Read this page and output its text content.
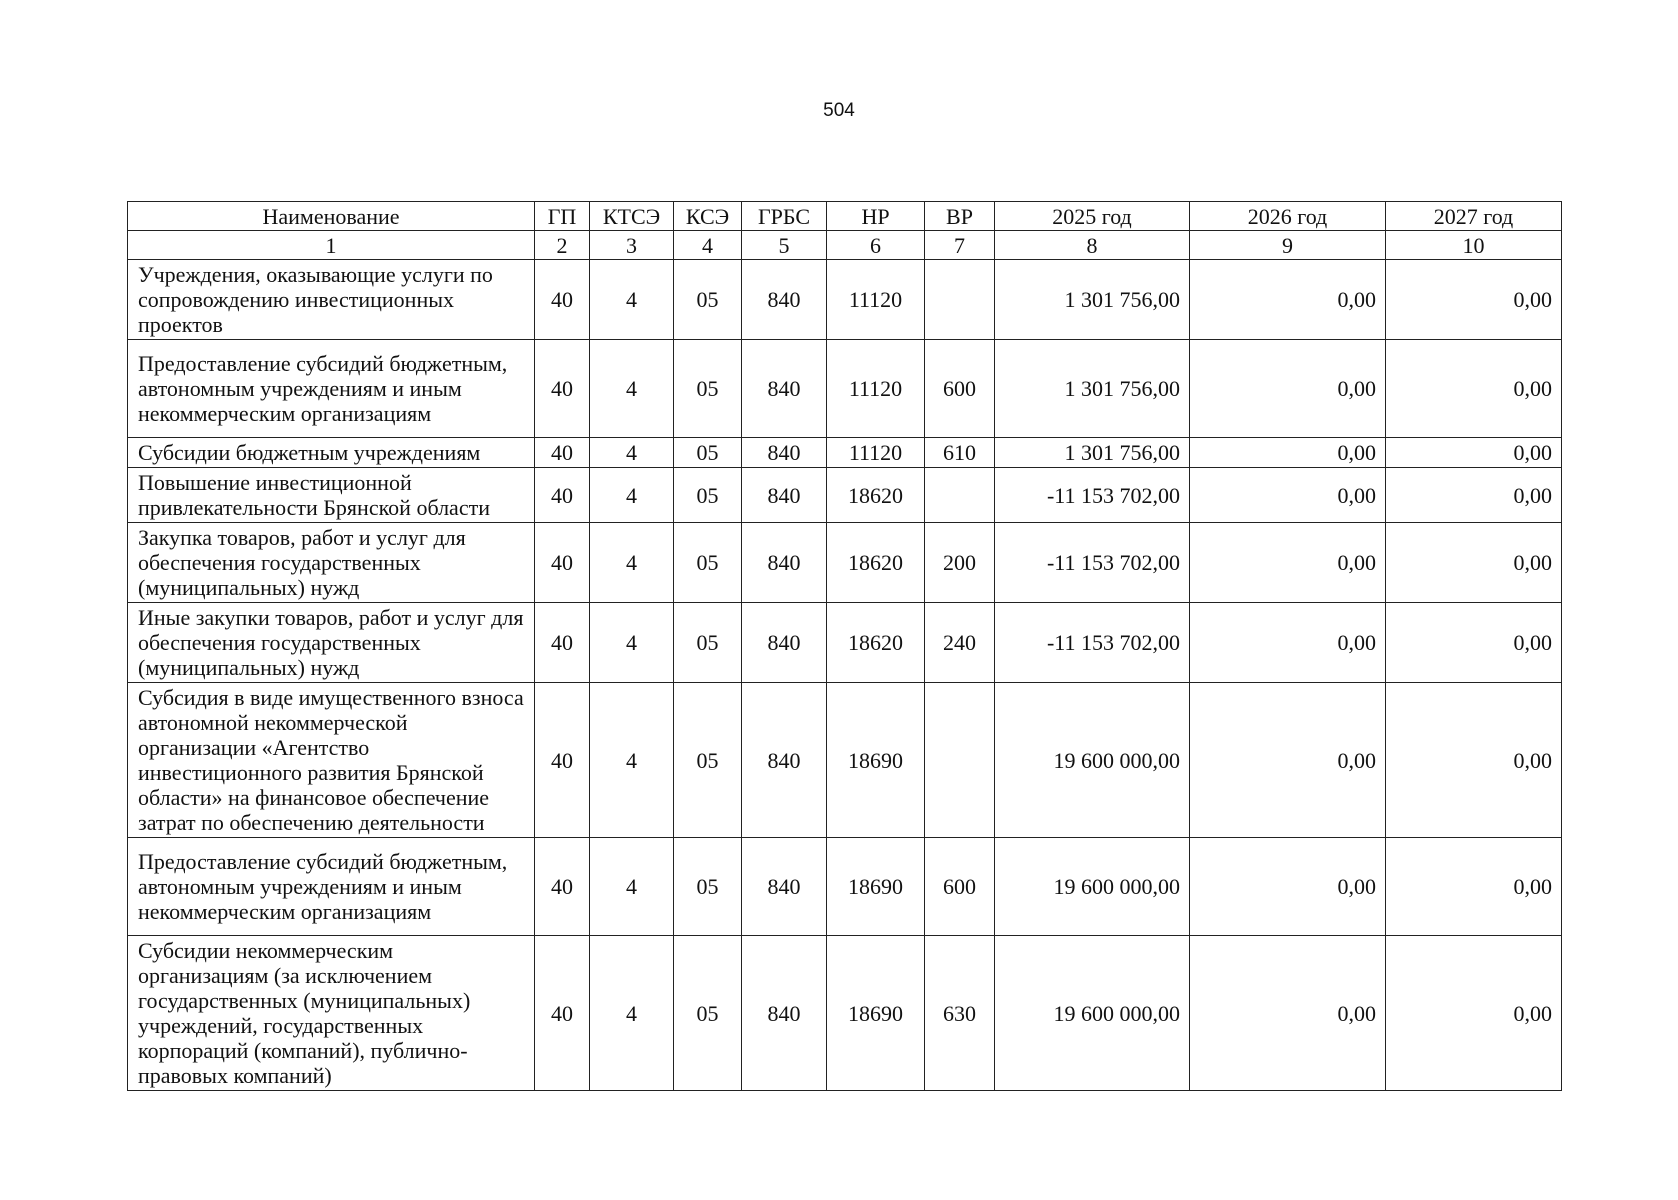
504
Наименование	ГП	КТСЭ	КСЭ	ГРБС	НР	ВР	2025 год	2026 год	2027 год
1	2	3	4	5	6	7	8	9	10
Учреждения, оказывающие услуги по сопровождению инвестиционных проектов	40	4	05	840	11120		1 301 756,00	0,00	0,00
Предоставление субсидий бюджетным, автономным учреждениям и иным некоммерческим организациям	40	4	05	840	11120	600	1 301 756,00	0,00	0,00
Субсидии бюджетным учреждениям	40	4	05	840	11120	610	1 301 756,00	0,00	0,00
Повышение инвестиционной привлекательности Брянской области	40	4	05	840	18620		-11 153 702,00	0,00	0,00
Закупка товаров, работ и услуг для обеспечения государственных (муниципальных) нужд	40	4	05	840	18620	200	-11 153 702,00	0,00	0,00
Иные закупки товаров, работ и услуг для обеспечения государственных (муниципальных) нужд	40	4	05	840	18620	240	-11 153 702,00	0,00	0,00
Субсидия в виде имущественного взноса автономной некоммерческой организации «Агентство инвестиционного развития Брянской области» на финансовое обеспечение затрат по обеспечению деятельности	40	4	05	840	18690		19 600 000,00	0,00	0,00
Предоставление субсидий бюджетным, автономным учреждениям и иным некоммерческим организациям	40	4	05	840	18690	600	19 600 000,00	0,00	0,00
Субсидии некоммерческим организациям (за исключением государственных (муниципальных) учреждений, государственных корпораций (компаний), публично-правовых компаний)	40	4	05	840	18690	630	19 600 000,00	0,00	0,00
